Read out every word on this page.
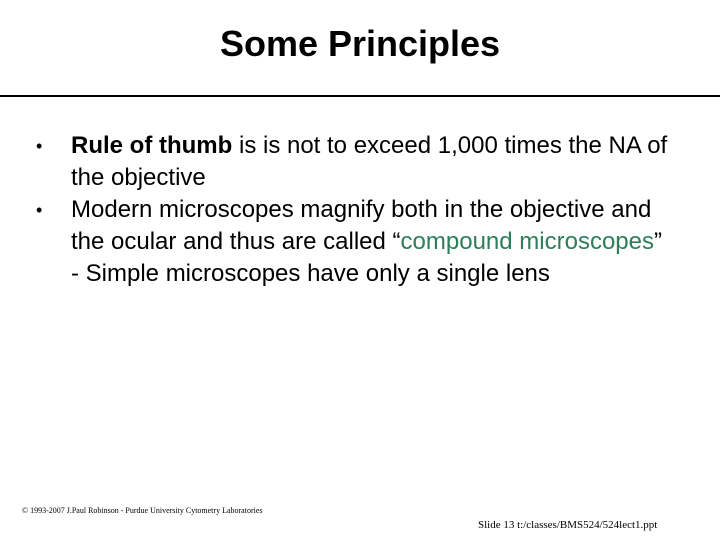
Some Principles
• Rule of thumb is is not to exceed 1,000 times the NA of the objective
• Modern microscopes magnify both in the objective and the ocular and thus are called “compound microscopes” - Simple microscopes have only a single lens
© 1993-2007 J.Paul Robinson - Purdue University Cytometry Laboratories
Slide 13 t:/classes/BMS524/524lect1.ppt
